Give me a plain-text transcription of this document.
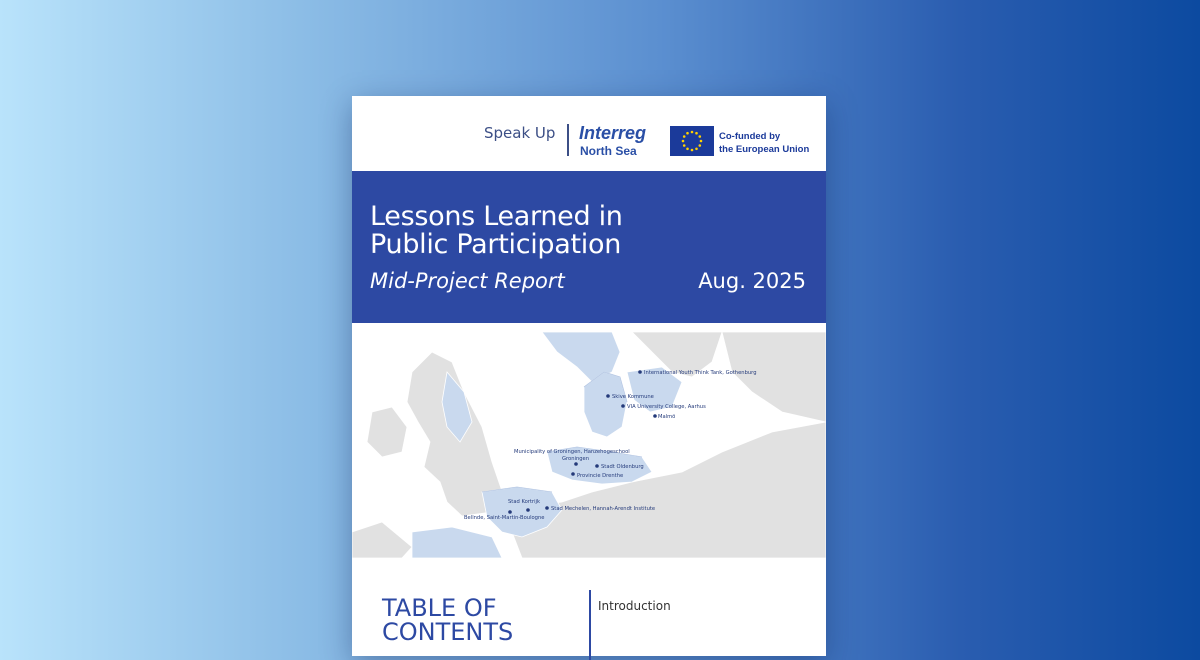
Speak Up Interreg
North Sea
Co-funded by
the European Union
Lessons Learned in
Public Participation
Mid-Project Report	Aug. 2025
International Youth Think Tank, Gothenburg
Skive Kommune
VIA University College, Aarhus
Malmö
Municipality of Groningen, Hanzehogeschool
Groningen
Stadt Oldenburg
Provincie Drenthe
Stad Kortrijk
Stad Mechelen, Hannah-Arendt Institute
Bellnde, Saint-Martin-Boulogne
TABLE OF
CONTENTS
Introduction
